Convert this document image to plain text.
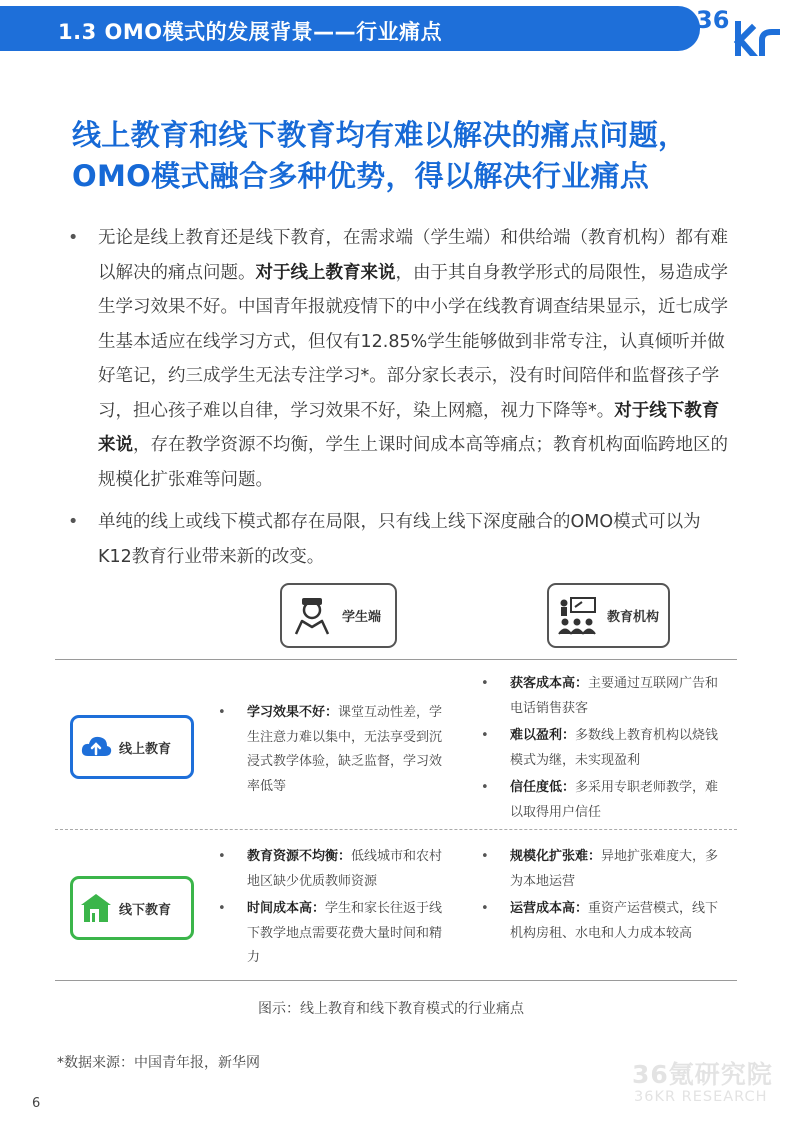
1.3 OMO模式的发展背景——行业痛点	36
线上教育和线下教育均有难以解决的痛点问题，
OMO模式融合多种优势，得以解决行业痛点
• 无论是线上教育还是线下教育，在需求端（学生端）和供给端（教育机构）都有难以解决的痛点问题。对于线上教育来说，由于其自身教学形式的局限性，易造成学生学习效果不好。中国青年报就疫情下的中小学在线教育调查结果显示，近七成学生基本适应在线学习方式，但仅有12.85%学生能够做到非常专注，认真倾听并做好笔记，约三成学生无法专注学习*。部分家长表示，没有时间陪伴和监督孩子学习，担心孩子难以自律，学习效果不好，染上网瘾，视力下降等*。对于线下教育来说，存在教学资源不均衡，学生上课时间成本高等痛点；教育机构面临跨地区的规模化扩张难等问题。
• 单纯的线上或线下模式都存在局限，只有线上线下深度融合的OMO模式可以为K12教育行业带来新的改变。
学生端	教育机构
线上教育
• 学习效果不好：课堂互动性差，学生注意力难以集中，无法享受到沉浸式教学体验，缺乏监督，学习效率低等
• 获客成本高：主要通过互联网广告和电话销售获客
• 难以盈利：多数线上教育机构以烧钱模式为继，未实现盈利
• 信任度低：多采用专职老师教学，难以取得用户信任
线下教育
• 教育资源不均衡：低线城市和农村地区缺少优质教师资源
• 时间成本高：学生和家长往返于线下教学地点需要花费大量时间和精力
• 规模化扩张难：异地扩张难度大，多为本地运营
• 运营成本高：重资产运营模式，线下机构房租、水电和人力成本较高
图示：线上教育和线下教育模式的行业痛点
*数据来源：中国青年报，新华网
6
36氪研究院
36KR RESEARCH
